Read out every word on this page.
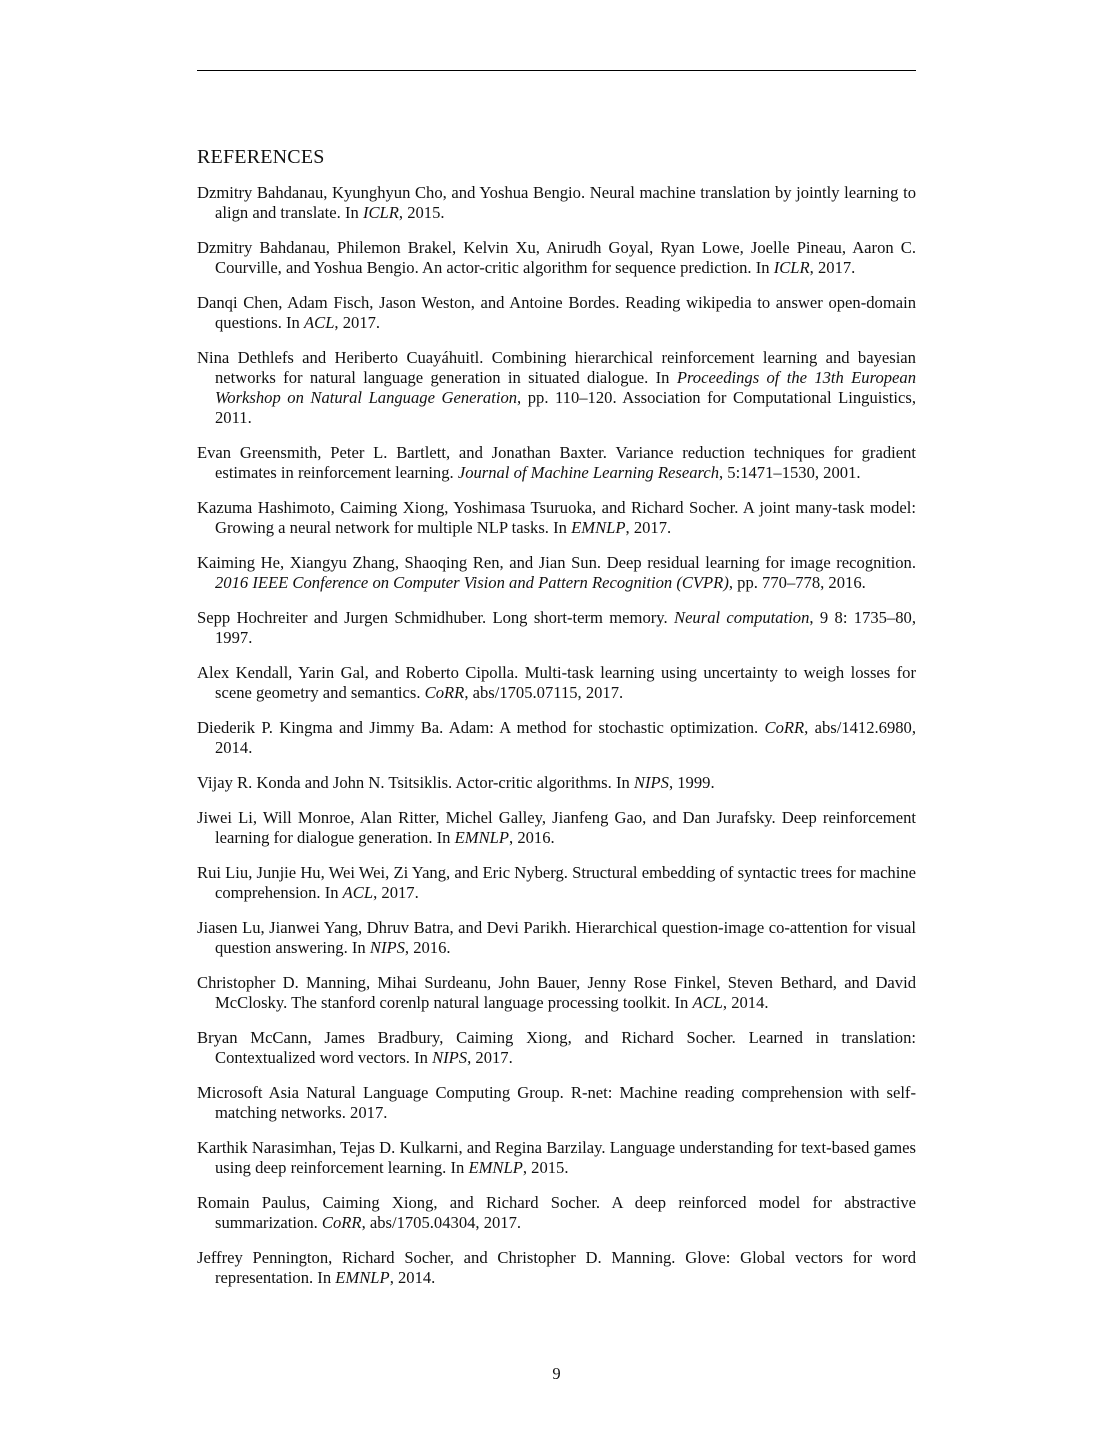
REFERENCES

Dzmitry Bahdanau, Kyunghyun Cho, and Yoshua Bengio. Neural machine translation by jointly learning to align and translate. In ICLR, 2015.

Dzmitry Bahdanau, Philemon Brakel, Kelvin Xu, Anirudh Goyal, Ryan Lowe, Joelle Pineau, Aaron C. Courville, and Yoshua Bengio. An actor-critic algorithm for sequence prediction. In ICLR, 2017.

Danqi Chen, Adam Fisch, Jason Weston, and Antoine Bordes. Reading wikipedia to answer open-domain questions. In ACL, 2017.

Nina Dethlefs and Heriberto Cuayáhuitl. Combining hierarchical reinforcement learning and bayesian networks for natural language generation in situated dialogue. In Proceedings of the 13th European Workshop on Natural Language Generation, pp. 110–120. Association for Computational Linguistics, 2011.

Evan Greensmith, Peter L. Bartlett, and Jonathan Baxter. Variance reduction techniques for gradient estimates in reinforcement learning. Journal of Machine Learning Research, 5:1471–1530, 2001.

Kazuma Hashimoto, Caiming Xiong, Yoshimasa Tsuruoka, and Richard Socher. A joint many-task model: Growing a neural network for multiple NLP tasks. In EMNLP, 2017.

Kaiming He, Xiangyu Zhang, Shaoqing Ren, and Jian Sun. Deep residual learning for image recognition. 2016 IEEE Conference on Computer Vision and Pattern Recognition (CVPR), pp. 770–778, 2016.

Sepp Hochreiter and Jurgen Schmidhuber. Long short-term memory. Neural computation, 9 8: 1735–80, 1997.

Alex Kendall, Yarin Gal, and Roberto Cipolla. Multi-task learning using uncertainty to weigh losses for scene geometry and semantics. CoRR, abs/1705.07115, 2017.

Diederik P. Kingma and Jimmy Ba. Adam: A method for stochastic optimization. CoRR, abs/1412.6980, 2014.

Vijay R. Konda and John N. Tsitsiklis. Actor-critic algorithms. In NIPS, 1999.

Jiwei Li, Will Monroe, Alan Ritter, Michel Galley, Jianfeng Gao, and Dan Jurafsky. Deep reinforcement learning for dialogue generation. In EMNLP, 2016.

Rui Liu, Junjie Hu, Wei Wei, Zi Yang, and Eric Nyberg. Structural embedding of syntactic trees for machine comprehension. In ACL, 2017.

Jiasen Lu, Jianwei Yang, Dhruv Batra, and Devi Parikh. Hierarchical question-image co-attention for visual question answering. In NIPS, 2016.

Christopher D. Manning, Mihai Surdeanu, John Bauer, Jenny Rose Finkel, Steven Bethard, and David McClosky. The stanford corenlp natural language processing toolkit. In ACL, 2014.

Bryan McCann, James Bradbury, Caiming Xiong, and Richard Socher. Learned in translation: Contextualized word vectors. In NIPS, 2017.

Microsoft Asia Natural Language Computing Group. R-net: Machine reading comprehension with self-matching networks. 2017.

Karthik Narasimhan, Tejas D. Kulkarni, and Regina Barzilay. Language understanding for text-based games using deep reinforcement learning. In EMNLP, 2015.

Romain Paulus, Caiming Xiong, and Richard Socher. A deep reinforced model for abstractive summarization. CoRR, abs/1705.04304, 2017.

Jeffrey Pennington, Richard Socher, and Christopher D. Manning. Glove: Global vectors for word representation. In EMNLP, 2014.

9
